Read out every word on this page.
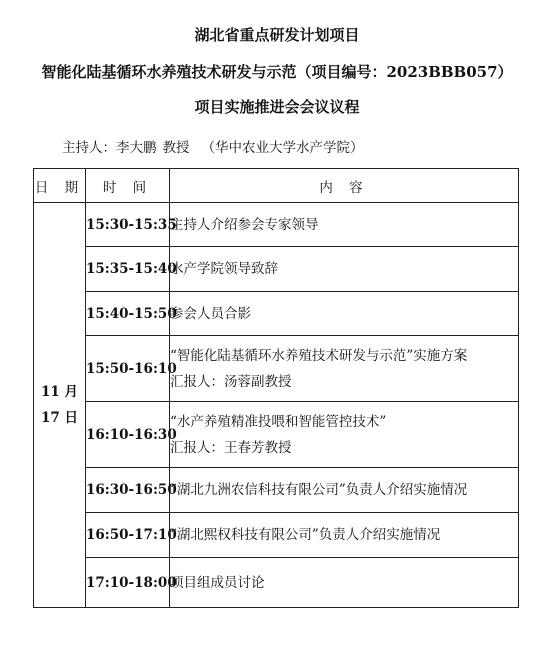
湖北省重点研发计划项目
智能化陆基循环水养殖技术研发与示范（项目编号：2023BBB057）
项目实施推进会会议议程
主持人：李大鹏 教授 （华中农业大学水产学院）
日 期	时 间	内 容

11 月
17 日	15:30-15:35	主持人介绍参会专家领导

	15:35-15:40	水产学院领导致辞

	15:40-15:50	参会人员合影

	15:50-16:10	“智能化陆基循环水养殖技术研发与示范”实施方案
汇报人：汤蓉副教授

	16:10-16:30	“水产养殖精准投喂和智能管控技术”
汇报人：王春芳教授

	16:30-16:50	“湖北九洲农信科技有限公司”负责人介绍实施情况

	16:50-17:10	“湖北熙权科技有限公司”负责人介绍实施情况

	17:10-18:00	项目组成员讨论
